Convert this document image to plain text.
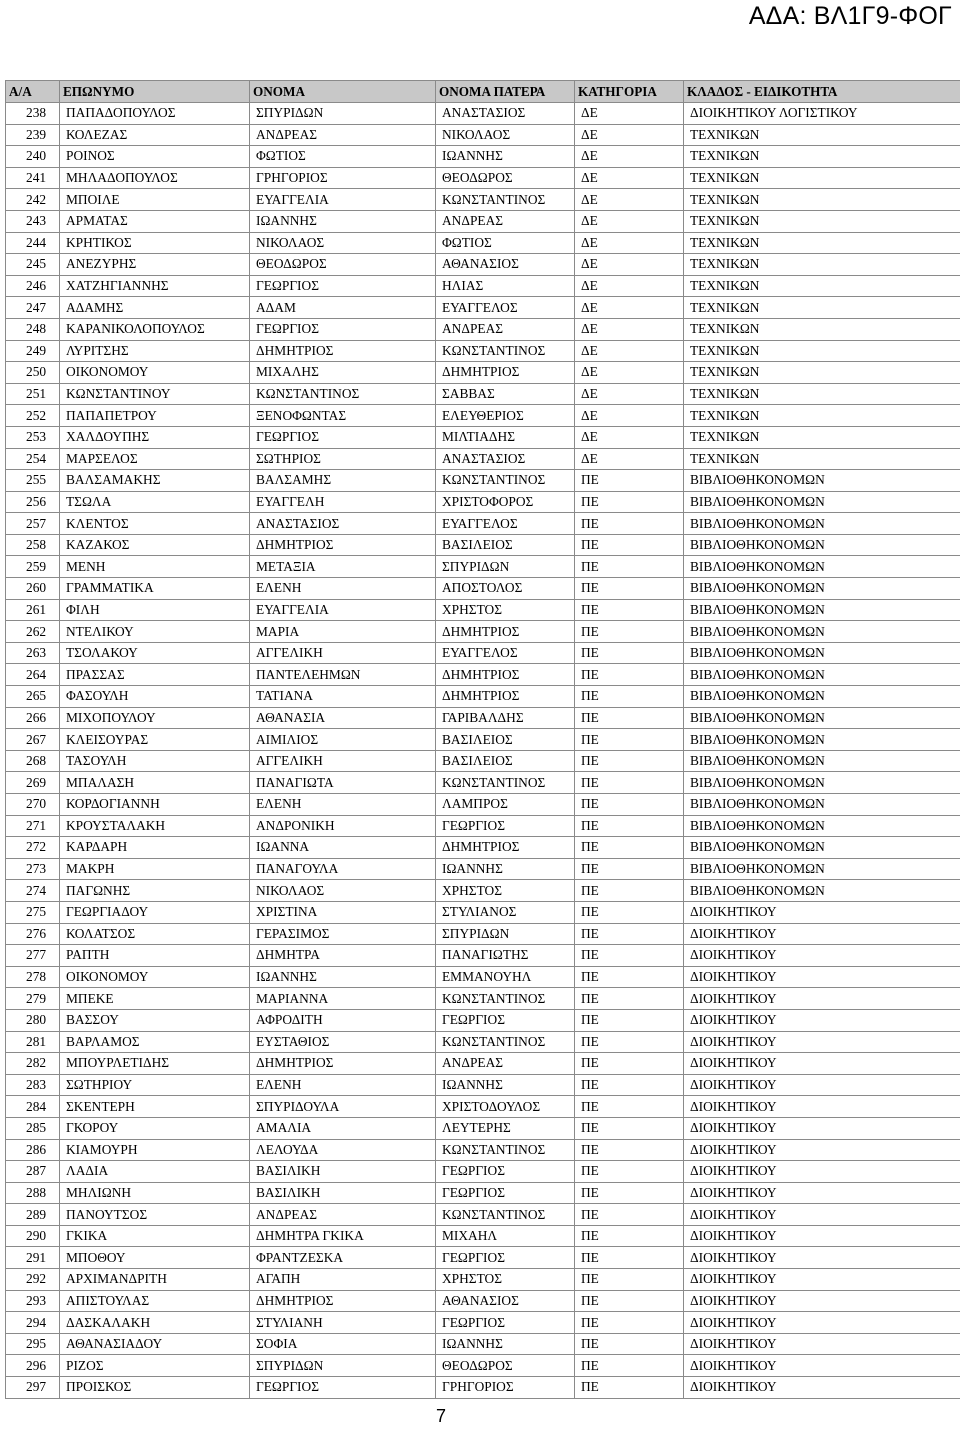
ΑΔΑ: ΒΛ1Γ9-ΦΟΓ
Α/Α	ΕΠΩΝΥΜΟ	ΟΝΟΜΑ	ΟΝΟΜΑ ΠΑΤΕΡΑ	ΚΑΤΗΓΟΡΙΑ	ΚΛΑΔΟΣ - ΕΙΔΙΚΟΤΗΤΑ
238	ΠΑΠΑΔΟΠΟΥΛΟΣ	ΣΠΥΡΙΔΩΝ	ΑΝΑΣΤΑΣΙΟΣ	ΔΕ	ΔΙΟΙΚΗΤΙΚΟΥ ΛΟΓΙΣΤΙΚΟΥ
239	ΚΟΛΕΖΑΣ	ΑΝΔΡΕΑΣ	ΝΙΚΟΛΑΟΣ	ΔΕ	ΤΕΧΝΙΚΩΝ
240	ΡΟΙΝΟΣ	ΦΩΤΙΟΣ	ΙΩΑΝΝΗΣ	ΔΕ	ΤΕΧΝΙΚΩΝ
241	ΜΗΛΑΔΟΠΟΥΛΟΣ	ΓΡΗΓΟΡΙΟΣ	ΘΕΟΔΩΡΟΣ	ΔΕ	ΤΕΧΝΙΚΩΝ
242	ΜΠΟΙΛΕ	ΕΥΑΓΓΕΛΙΑ	ΚΩΝΣΤΑΝΤΙΝΟΣ	ΔΕ	ΤΕΧΝΙΚΩΝ
243	ΑΡΜΑΤΑΣ	ΙΩΑΝΝΗΣ	ΑΝΔΡΕΑΣ	ΔΕ	ΤΕΧΝΙΚΩΝ
244	ΚΡΗΤΙΚΟΣ	ΝΙΚΟΛΑΟΣ	ΦΩΤΙΟΣ	ΔΕ	ΤΕΧΝΙΚΩΝ
245	ΑΝΕΖΥΡΗΣ	ΘΕΟΔΩΡΟΣ	ΑΘΑΝΑΣΙΟΣ	ΔΕ	ΤΕΧΝΙΚΩΝ
246	ΧΑΤΖΗΓΙΑΝΝΗΣ	ΓΕΩΡΓΙΟΣ	ΗΛΙΑΣ	ΔΕ	ΤΕΧΝΙΚΩΝ
247	ΑΔΑΜΗΣ	ΑΔΑΜ	ΕΥΑΓΓΕΛΟΣ	ΔΕ	ΤΕΧΝΙΚΩΝ
248	ΚΑΡΑΝΙΚΟΛΟΠΟΥΛΟΣ	ΓΕΩΡΓΙΟΣ	ΑΝΔΡΕΑΣ	ΔΕ	ΤΕΧΝΙΚΩΝ
249	ΛΥΡΙΤΣΗΣ	ΔΗΜΗΤΡΙΟΣ	ΚΩΝΣΤΑΝΤΙΝΟΣ	ΔΕ	ΤΕΧΝΙΚΩΝ
250	ΟΙΚΟΝΟΜΟΥ	ΜΙΧΑΛΗΣ	ΔΗΜΗΤΡΙΟΣ	ΔΕ	ΤΕΧΝΙΚΩΝ
251	ΚΩΝΣΤΑΝΤΙΝΟΥ	ΚΩΝΣΤΑΝΤΙΝΟΣ	ΣΑΒΒΑΣ	ΔΕ	ΤΕΧΝΙΚΩΝ
252	ΠΑΠΑΠΕΤΡΟΥ	ΞΕΝΟΦΩΝΤΑΣ	ΕΛΕΥΘΕΡΙΟΣ	ΔΕ	ΤΕΧΝΙΚΩΝ
253	ΧΑΛΔΟΥΠΗΣ	ΓΕΩΡΓΙΟΣ	ΜΙΛΤΙΑΔΗΣ	ΔΕ	ΤΕΧΝΙΚΩΝ
254	ΜΑΡΣΕΛΟΣ	ΣΩΤΗΡΙΟΣ	ΑΝΑΣΤΑΣΙΟΣ	ΔΕ	ΤΕΧΝΙΚΩΝ
255	ΒΑΛΣΑΜΑΚΗΣ	ΒΑΛΣΑΜΗΣ	ΚΩΝΣΤΑΝΤΙΝΟΣ	ΠΕ	ΒΙΒΛΙΟΘΗΚΟΝΟΜΩΝ
256	ΤΣΩΛΑ	ΕΥΑΓΓΕΛΗ	ΧΡΙΣΤΟΦΟΡΟΣ	ΠΕ	ΒΙΒΛΙΟΘΗΚΟΝΟΜΩΝ
257	ΚΛΕΝΤΟΣ	ΑΝΑΣΤΑΣΙΟΣ	ΕΥΑΓΓΕΛΟΣ	ΠΕ	ΒΙΒΛΙΟΘΗΚΟΝΟΜΩΝ
258	ΚΑΖΑΚΟΣ	ΔΗΜΗΤΡΙΟΣ	ΒΑΣΙΛΕΙΟΣ	ΠΕ	ΒΙΒΛΙΟΘΗΚΟΝΟΜΩΝ
259	ΜΕΝΗ	ΜΕΤΑΞΙΑ	ΣΠΥΡΙΔΩΝ	ΠΕ	ΒΙΒΛΙΟΘΗΚΟΝΟΜΩΝ
260	ΓΡΑΜΜΑΤΙΚΑ	ΕΛΕΝΗ	ΑΠΟΣΤΟΛΟΣ	ΠΕ	ΒΙΒΛΙΟΘΗΚΟΝΟΜΩΝ
261	ΦΙΛΗ	ΕΥΑΓΓΕΛΙΑ	ΧΡΗΣΤΟΣ	ΠΕ	ΒΙΒΛΙΟΘΗΚΟΝΟΜΩΝ
262	ΝΤΕΛΙΚΟΥ	ΜΑΡΙΑ	ΔΗΜΗΤΡΙΟΣ	ΠΕ	ΒΙΒΛΙΟΘΗΚΟΝΟΜΩΝ
263	ΤΣΟΛΑΚΟΥ	ΑΓΓΕΛΙΚΗ	ΕΥΑΓΓΕΛΟΣ	ΠΕ	ΒΙΒΛΙΟΘΗΚΟΝΟΜΩΝ
264	ΠΡΑΣΣΑΣ	ΠΑΝΤΕΛΕΗΜΩΝ	ΔΗΜΗΤΡΙΟΣ	ΠΕ	ΒΙΒΛΙΟΘΗΚΟΝΟΜΩΝ
265	ΦΑΣΟΥΛΗ	ΤΑΤΙΑΝΑ	ΔΗΜΗΤΡΙΟΣ	ΠΕ	ΒΙΒΛΙΟΘΗΚΟΝΟΜΩΝ
266	ΜΙΧΟΠΟΥΛΟΥ	ΑΘΑΝΑΣΙΑ	ΓΑΡΙΒΑΛΔΗΣ	ΠΕ	ΒΙΒΛΙΟΘΗΚΟΝΟΜΩΝ
267	ΚΛΕΙΣΟΥΡΑΣ	ΑΙΜΙΛΙΟΣ	ΒΑΣΙΛΕΙΟΣ	ΠΕ	ΒΙΒΛΙΟΘΗΚΟΝΟΜΩΝ
268	ΤΑΣΟΥΛΗ	ΑΓΓΕΛΙΚΗ	ΒΑΣΙΛΕΙΟΣ	ΠΕ	ΒΙΒΛΙΟΘΗΚΟΝΟΜΩΝ
269	ΜΠΑΛΑΣΗ	ΠΑΝΑΓΙΩΤΑ	ΚΩΝΣΤΑΝΤΙΝΟΣ	ΠΕ	ΒΙΒΛΙΟΘΗΚΟΝΟΜΩΝ
270	ΚΟΡΔΟΓΙΑΝΝΗ	ΕΛΕΝΗ	ΛΑΜΠΡΟΣ	ΠΕ	ΒΙΒΛΙΟΘΗΚΟΝΟΜΩΝ
271	ΚΡΟΥΣΤΑΛΑΚΗ	ΑΝΔΡΟΝΙΚΗ	ΓΕΩΡΓΙΟΣ	ΠΕ	ΒΙΒΛΙΟΘΗΚΟΝΟΜΩΝ
272	ΚΑΡΔΑΡΗ	ΙΩΑΝΝΑ	ΔΗΜΗΤΡΙΟΣ	ΠΕ	ΒΙΒΛΙΟΘΗΚΟΝΟΜΩΝ
273	ΜΑΚΡΗ	ΠΑΝΑΓΟΥΛΑ	ΙΩΑΝΝΗΣ	ΠΕ	ΒΙΒΛΙΟΘΗΚΟΝΟΜΩΝ
274	ΠΑΓΩΝΗΣ	ΝΙΚΟΛΑΟΣ	ΧΡΗΣΤΟΣ	ΠΕ	ΒΙΒΛΙΟΘΗΚΟΝΟΜΩΝ
275	ΓΕΩΡΓΙΑΔΟΥ	ΧΡΙΣΤΙΝΑ	ΣΤΥΛΙΑΝΟΣ	ΠΕ	ΔΙΟΙΚΗΤΙΚΟΥ
276	ΚΟΛΑΤΣΟΣ	ΓΕΡΑΣΙΜΟΣ	ΣΠΥΡΙΔΩΝ	ΠΕ	ΔΙΟΙΚΗΤΙΚΟΥ
277	ΡΑΠΤΗ	ΔΗΜΗΤΡΑ	ΠΑΝΑΓΙΩΤΗΣ	ΠΕ	ΔΙΟΙΚΗΤΙΚΟΥ
278	ΟΙΚΟΝΟΜΟΥ	ΙΩΑΝΝΗΣ	ΕΜΜΑΝΟΥΗΛ	ΠΕ	ΔΙΟΙΚΗΤΙΚΟΥ
279	ΜΠΕΚΕ	ΜΑΡΙΑΝΝΑ	ΚΩΝΣΤΑΝΤΙΝΟΣ	ΠΕ	ΔΙΟΙΚΗΤΙΚΟΥ
280	ΒΑΣΣΟΥ	ΑΦΡΟΔΙΤΗ	ΓΕΩΡΓΙΟΣ	ΠΕ	ΔΙΟΙΚΗΤΙΚΟΥ
281	ΒΑΡΛΑΜΟΣ	ΕΥΣΤΑΘΙΟΣ	ΚΩΝΣΤΑΝΤΙΝΟΣ	ΠΕ	ΔΙΟΙΚΗΤΙΚΟΥ
282	ΜΠΟΥΡΛΕΤΙΔΗΣ	ΔΗΜΗΤΡΙΟΣ	ΑΝΔΡΕΑΣ	ΠΕ	ΔΙΟΙΚΗΤΙΚΟΥ
283	ΣΩΤΗΡΙΟΥ	ΕΛΕΝΗ	ΙΩΑΝΝΗΣ	ΠΕ	ΔΙΟΙΚΗΤΙΚΟΥ
284	ΣΚΕΝΤΕΡΗ	ΣΠΥΡΙΔΟΥΛΑ	ΧΡΙΣΤΟΔΟΥΛΟΣ	ΠΕ	ΔΙΟΙΚΗΤΙΚΟΥ
285	ΓΚΟΡΟΥ	ΑΜΑΛΙΑ	ΛΕΥΤΕΡΗΣ	ΠΕ	ΔΙΟΙΚΗΤΙΚΟΥ
286	ΚΙΑΜΟΥΡΗ	ΛΕΛΟΥΔΑ	ΚΩΝΣΤΑΝΤΙΝΟΣ	ΠΕ	ΔΙΟΙΚΗΤΙΚΟΥ
287	ΛΑΔΙΑ	ΒΑΣΙΛΙΚΗ	ΓΕΩΡΓΙΟΣ	ΠΕ	ΔΙΟΙΚΗΤΙΚΟΥ
288	ΜΗΛΙΩΝΗ	ΒΑΣΙΛΙΚΗ	ΓΕΩΡΓΙΟΣ	ΠΕ	ΔΙΟΙΚΗΤΙΚΟΥ
289	ΠΑΝΟΥΤΣΟΣ	ΑΝΔΡΕΑΣ	ΚΩΝΣΤΑΝΤΙΝΟΣ	ΠΕ	ΔΙΟΙΚΗΤΙΚΟΥ
290	ΓΚΙΚΑ	ΔΗΜΗΤΡΑ ΓΚΙΚΑ	ΜΙΧΑΗΛ	ΠΕ	ΔΙΟΙΚΗΤΙΚΟΥ
291	ΜΠΟΘΟΥ	ΦΡΑΝΤΖΕΣΚΑ	ΓΕΩΡΓΙΟΣ	ΠΕ	ΔΙΟΙΚΗΤΙΚΟΥ
292	ΑΡΧΙΜΑΝΔΡΙΤΗ	ΑΓΑΠΗ	ΧΡΗΣΤΟΣ	ΠΕ	ΔΙΟΙΚΗΤΙΚΟΥ
293	ΑΠΙΣΤΟΥΛΑΣ	ΔΗΜΗΤΡΙΟΣ	ΑΘΑΝΑΣΙΟΣ	ΠΕ	ΔΙΟΙΚΗΤΙΚΟΥ
294	ΔΑΣΚΑΛΑΚΗ	ΣΤΥΛΙΑΝΗ	ΓΕΩΡΓΙΟΣ	ΠΕ	ΔΙΟΙΚΗΤΙΚΟΥ
295	ΑΘΑΝΑΣΙΑΔΟΥ	ΣΟΦΙΑ	ΙΩΑΝΝΗΣ	ΠΕ	ΔΙΟΙΚΗΤΙΚΟΥ
296	ΡΙΖΟΣ	ΣΠΥΡΙΔΩΝ	ΘΕΟΔΩΡΟΣ	ΠΕ	ΔΙΟΙΚΗΤΙΚΟΥ
297	ΠΡΟΙΣΚΟΣ	ΓΕΩΡΓΙΟΣ	ΓΡΗΓΟΡΙΟΣ	ΠΕ	ΔΙΟΙΚΗΤΙΚΟΥ
7
